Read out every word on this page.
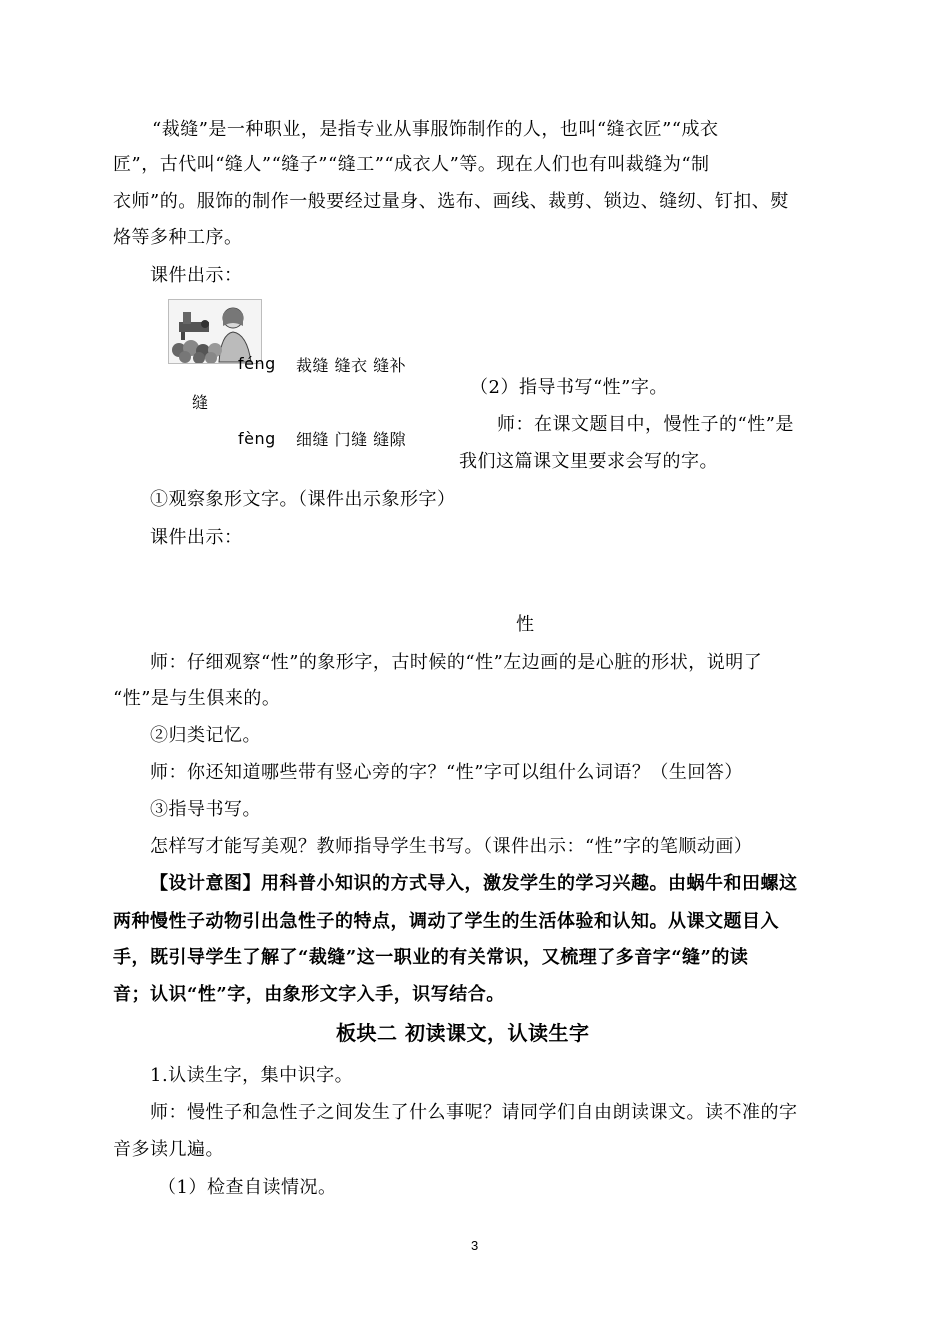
“裁缝”是一种职业，是指专业从事服饰制作的人，也叫“缝衣匠”“成衣
匠”，古代叫“缝人”“缝子”“缝工”“成衣人”等。现在人们也有叫裁缝为“制
衣师”的。服饰的制作一般要经过量身、选布、画线、裁剪、锁边、缝纫、钉扣、熨
烙等多种工序。
课件出示：
féng 裁缝 缝衣 缝补
缝
fèng 细缝 门缝 缝隙
（2）指导书写“性”字。
师：在课文题目中，慢性子的“性”是
我们这篇课文里要求会写的字。
①观察象形文字。（课件出示象形字）
课件出示：
性
师：仔细观察“性”的象形字，古时候的“性”左边画的是心脏的形状，说明了
“性”是与生俱来的。
②归类记忆。
师：你还知道哪些带有竖心旁的字？“性”字可以组什么词语？（生回答）
③指导书写。
怎样写才能写美观？教师指导学生书写。（课件出示：“性”字的笔顺动画）
【设计意图】用科普小知识的方式导入，激发学生的学习兴趣。由蜗牛和田螺这
两种慢性子动物引出急性子的特点，调动了学生的生活体验和认知。从课文题目入
手，既引导学生了解了“裁缝”这一职业的有关常识，又梳理了多音字“缝”的读
音；认识“性”字，由象形文字入手，识写结合。
板块二 初读课文，认读生字
1.认读生字，集中识字。
师：慢性子和急性子之间发生了什么事呢？请同学们自由朗读课文。读不准的字
音多读几遍。
（1）检查自读情况。
3
